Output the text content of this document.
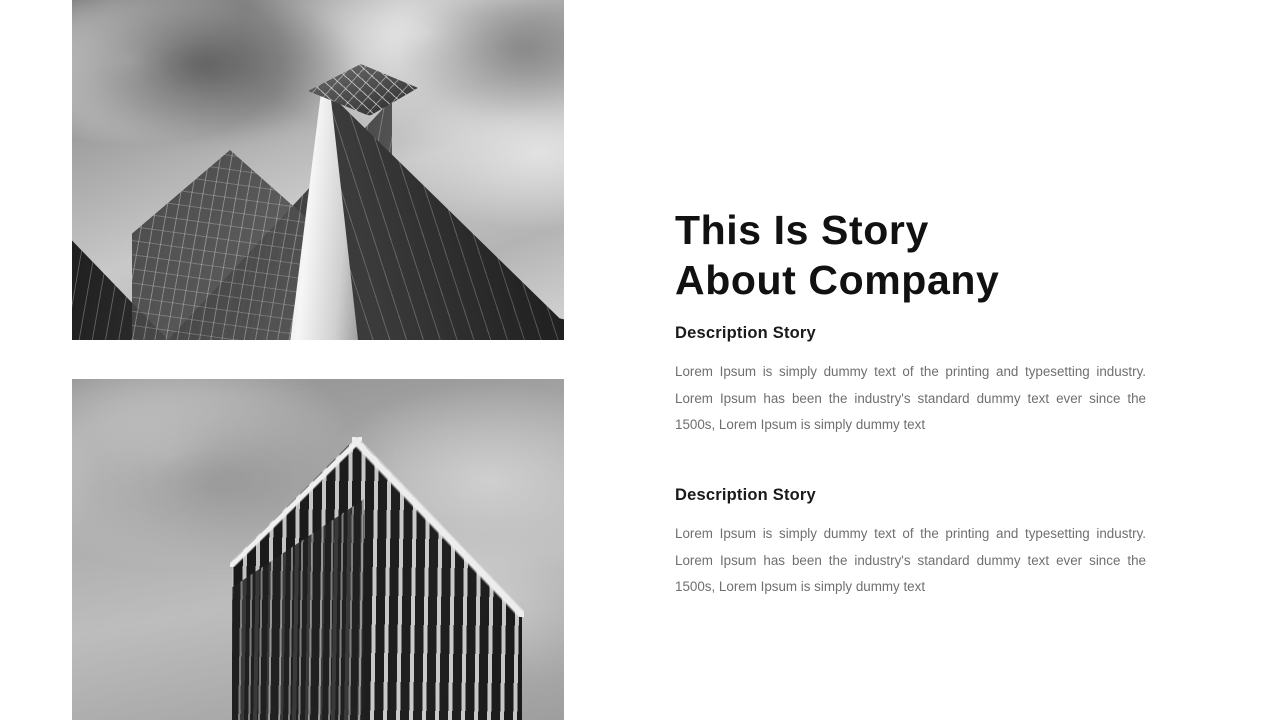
This Is Story
About Company
Description Story

Lorem Ipsum is simply dummy text of the printing and typesetting industry. Lorem Ipsum has been the industry's standard dummy text ever since the 1500s, Lorem Ipsum is simply dummy text

Description Story

Lorem Ipsum is simply dummy text of the printing and typesetting industry. Lorem Ipsum has been the industry's standard dummy text ever since the 1500s, Lorem Ipsum is simply dummy text
